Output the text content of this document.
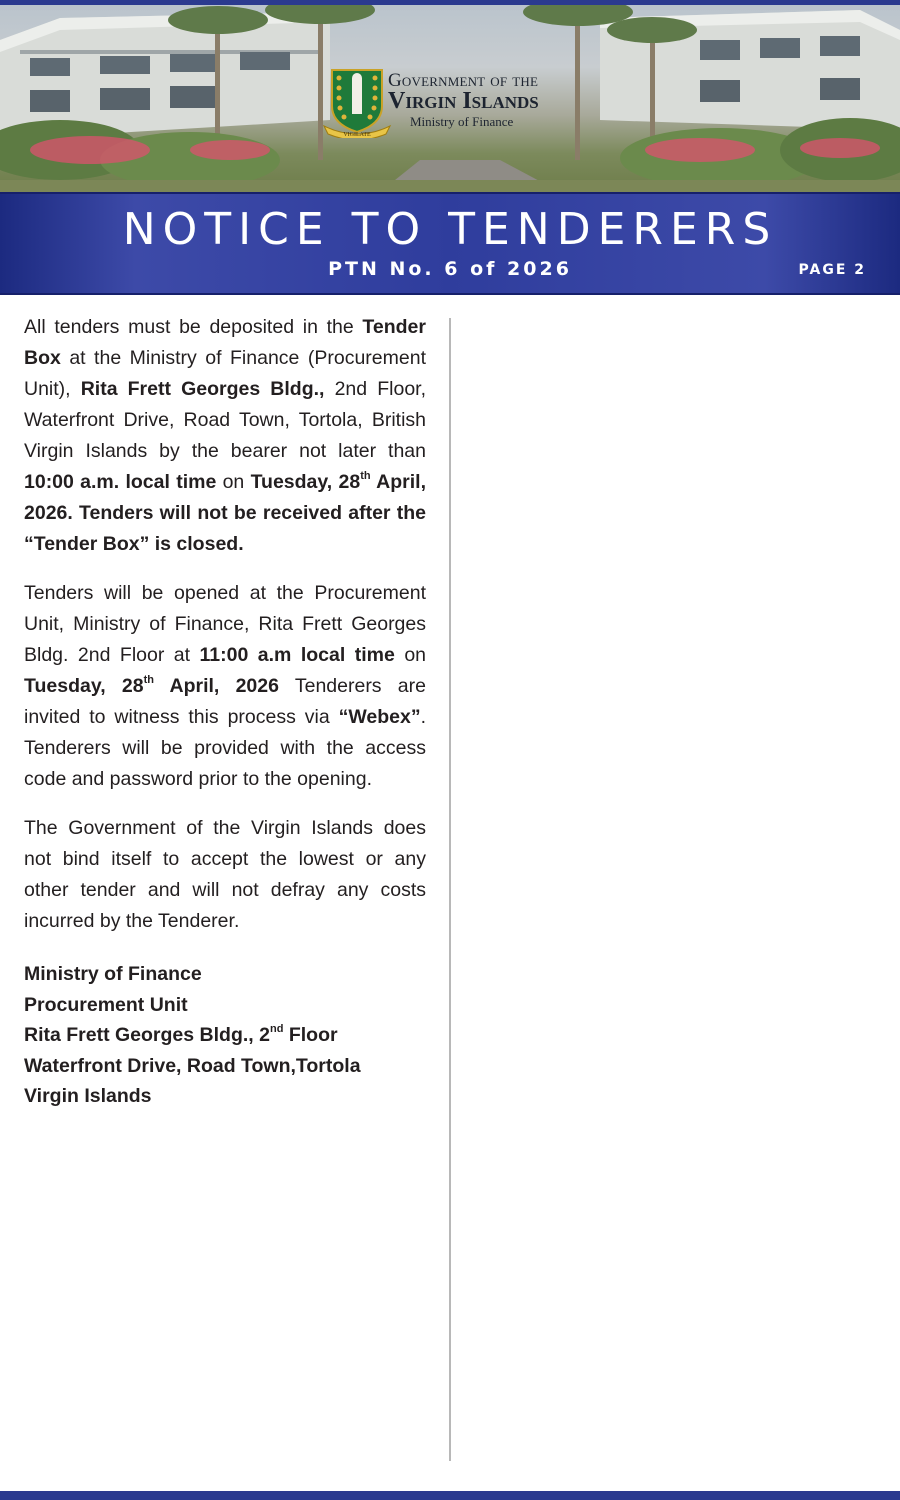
VIGILATE
Government of the
Virgin Islands
Ministry of Finance
NOTICE TO TENDERERS
PTN No. 6 of 2026	PAGE 2

All tenders must be deposited in the Tender Box at the Ministry of Finance (Procurement Unit), Rita Frett Georges Bldg., 2nd Floor, Waterfront Drive, Road Town, Tortola, British Virgin Islands by the bearer not later than 10:00 a.m. local time on Tuesday, 28th April, 2026. Tenders will not be received after the “Tender Box” is closed.

Tenders will be opened at the Procurement Unit, Ministry of Finance, Rita Frett Georges Bldg. 2nd Floor at 11:00 a.m local time on Tuesday, 28th April, 2026 Tenderers are invited to witness this process via “Webex”. Tenderers will be provided with the access code and password prior to the opening.

The Government of the Virgin Islands does not bind itself to accept the lowest or any other tender and will not defray any costs incurred by the Tenderer.

Ministry of Finance
Procurement Unit
Rita Frett Georges Bldg., 2nd Floor
Waterfront Drive, Road Town,Tortola
Virgin Islands
